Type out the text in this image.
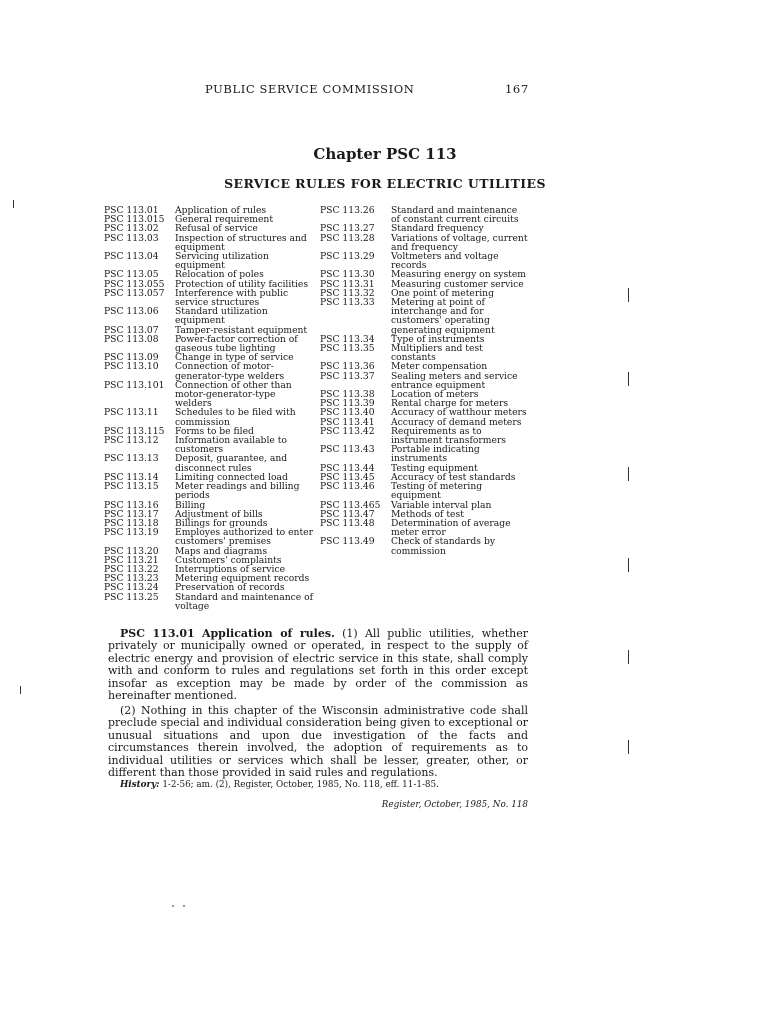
PUBLIC SERVICE COMMISSION	167
Chapter PSC 113
SERVICE RULES FOR ELECTRIC UTILITIES
PSC 113.01	Application of rules
PSC 113.015	General requirement
PSC 113.02	Refusal of service
PSC 113.03	Inspection of structures and equipment
PSC 113.04	Servicing utilization equipment
PSC 113.05	Relocation of poles
PSC 113.055	Protection of utility facilities
PSC 113.057	Interference with public service structures
PSC 113.06	Standard utilization equipment
PSC 113.07	Tamper-resistant equipment
PSC 113.08	Power-factor correction of gaseous tube lighting
PSC 113.09	Change in type of service
PSC 113.10	Connection of motor-generator-type welders
PSC 113.101	Connection of other than motor-generator-type welders
PSC 113.11	Schedules to be filed with commission
PSC 113.115	Forms to be filed
PSC 113.12	Information available to customers
PSC 113.13	Deposit, guarantee, and disconnect rules
PSC 113.14	Limiting connected load
PSC 113.15	Meter readings and billing periods
PSC 113.16	Billing
PSC 113.17	Adjustment of bills
PSC 113.18	Billings for grounds
PSC 113.19	Employes authorized to enter customers' premises
PSC 113.20	Maps and diagrams
PSC 113.21	Customers' complaints
PSC 113.22	Interruptions of service
PSC 113.23	Metering equipment records
PSC 113.24	Preservation of records
PSC 113.25	Standard and maintenance of voltage
PSC 113.26	Standard and maintenance of constant current circuits
PSC 113.27	Standard frequency
PSC 113.28	Variations of voltage, current and frequency
PSC 113.29	Voltmeters and voltage records
PSC 113.30	Measuring energy on system
PSC 113.31	Measuring customer service
PSC 113.32	One point of metering
PSC 113.33	Metering at point of interchange and for customers' operating generating equipment
PSC 113.34	Type of instruments
PSC 113.35	Multipliers and test constants
PSC 113.36	Meter compensation
PSC 113.37	Sealing meters and service entrance equipment
PSC 113.38	Location of meters
PSC 113.39	Rental charge for meters
PSC 113.40	Accuracy of watthour meters
PSC 113.41	Accuracy of demand meters
PSC 113.42	Requirements as to instrument transformers
PSC 113.43	Portable indicating instruments
PSC 113.44	Testing equipment
PSC 113.45	Accuracy of test standards
PSC 113.46	Testing of metering equipment
PSC 113.465	Variable interval plan
PSC 113.47	Methods of test
PSC 113.48	Determination of average meter error
PSC 113.49	Check of standards by commission
PSC 113.01 Application of rules. (1) All public utilities, whether privately or municipally owned or operated, in respect to the supply of electric energy and provision of electric service in this state, shall comply with and conform to rules and regulations set forth in this order except insofar as exception may be made by order of the commission as hereinafter mentioned.
(2) Nothing in this chapter of the Wisconsin administrative code shall preclude special and individual consideration being given to exceptional or unusual situations and upon due investigation of the facts and circumstances therein involved, the adoption of requirements as to individual utilities or services which shall be lesser, greater, other, or different than those provided in said rules and regulations.
History: 1-2-56; am. (2), Register, October, 1985, No. 118, eff. 11-1-85.
Register, October, 1985, No. 118
